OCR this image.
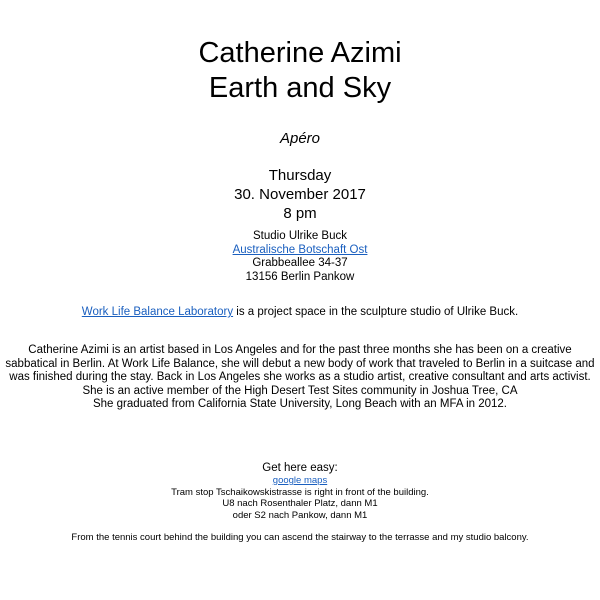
Catherine Azimi
Earth and Sky
Apéro
Thursday
30. November 2017
8 pm
Studio Ulrike Buck
Australische Botschaft Ost
Grabbeallee 34-37
13156 Berlin Pankow
Work Life Balance Laboratory is a project space in the sculpture studio of Ulrike Buck.
Catherine Azimi is an artist based in Los Angeles and for the past three months she has been on a creative
sabbatical in Berlin. At Work Life Balance, she will debut a new body of work that traveled to Berlin in a suitcase and
was finished during the stay. Back in Los Angeles she works as a studio artist, creative consultant and arts activist.
She is an active member of the High Desert Test Sites community in Joshua Tree, CA
She graduated from California State University, Long Beach with an MFA in 2012.
Get here easy:
google maps
Tram stop Tschaikowskistrasse is right in front of the building.
U8 nach Rosenthaler Platz, dann M1
oder S2 nach Pankow, dann M1
From the tennis court behind the building you can ascend the stairway to the terrasse and my studio balcony.
